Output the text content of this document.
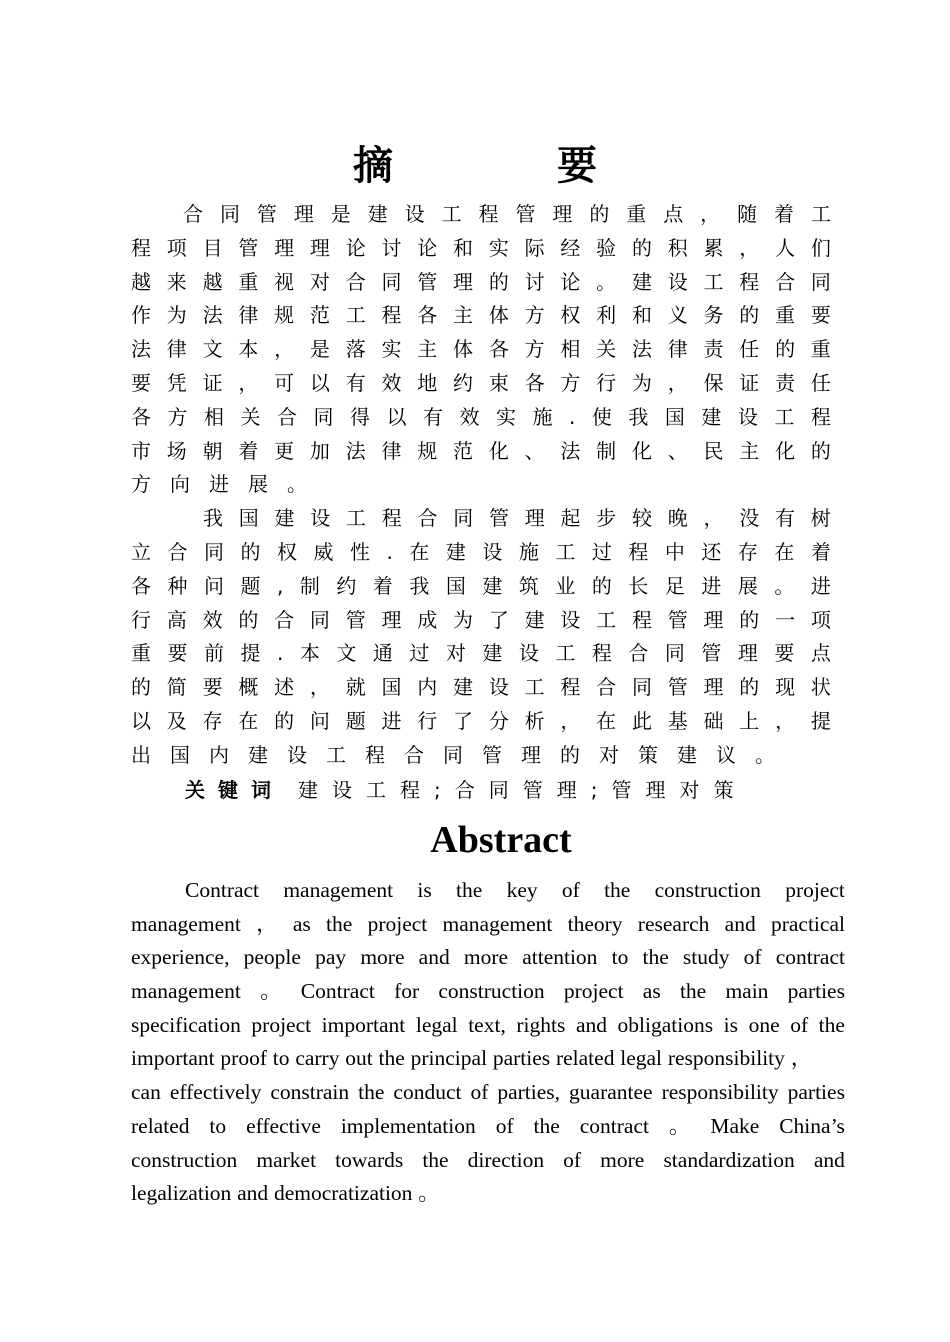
摘 要
合 同 管 理 是 建 设 工 程 管 理 的 重 点 ， 随 着 工
程 项 目 管 理 理 论 讨 论 和 实 际 经 验 的 积 累 ， 人 们
越 来 越 重 视 对 合 同 管 理 的 讨 论 。 建 设 工 程 合 同
作 为 法 律 规 范 工 程 各 主 体 方 权 利 和 义 务 的 重 要
法 律 文 本 ， 是 落 实 主 体 各 方 相 关 法 律 责 任 的 重
要 凭 证 ， 可 以 有 效 地 约 束 各 方 行 为 ， 保 证 责 任
各 方 相 关 合 同 得 以 有 效 实 施 . 使 我 国 建 设 工 程
市 场 朝 着 更 加 法 律 规 范 化 、 法 制 化 、 民 主 化 的
方 向 进 展 。
我 国 建 设 工 程 合 同 管 理 起 步 较 晚 ， 没 有 树
立 合 同 的 权 威 性 . 在 建 设 施 工 过 程 中 还 存 在 着
各 种 问 题 , 制 约 着 我 国 建 筑 业 的 长 足 进 展 。 进
行 高 效 的 合 同 管 理 成 为 了 建 设 工 程 管 理 的 一 项
重 要 前 提 . 本 文 通 过 对 建 设 工 程 合 同 管 理 要 点
的 简 要 概 述 ， 就 国 内 建 设 工 程 合 同 管 理 的 现 状
以 及 存 在 的 问 题 进 行 了 分 析 ， 在 此 基 础 上 ， 提
出 国 内 建 设 工 程 合 同 管 理 的 对 策 建 议 。
关键词 建设工程;合同管理;管理对策
Abstract
Contract management is the key of the construction project
management ， as the project management theory research and practical
experience, people pay more and more attention to the study of contract
management 。 Contract for construction project as the main parties
specification project important legal text, rights and obligations is one of the
important proof to carry out the principal parties related legal responsibility ，
can effectively constrain the conduct of parties, guarantee responsibility parties
related to effective implementation of the contract 。 Make China’s
construction market towards the direction of more standardization and
legalization and democratization 。
